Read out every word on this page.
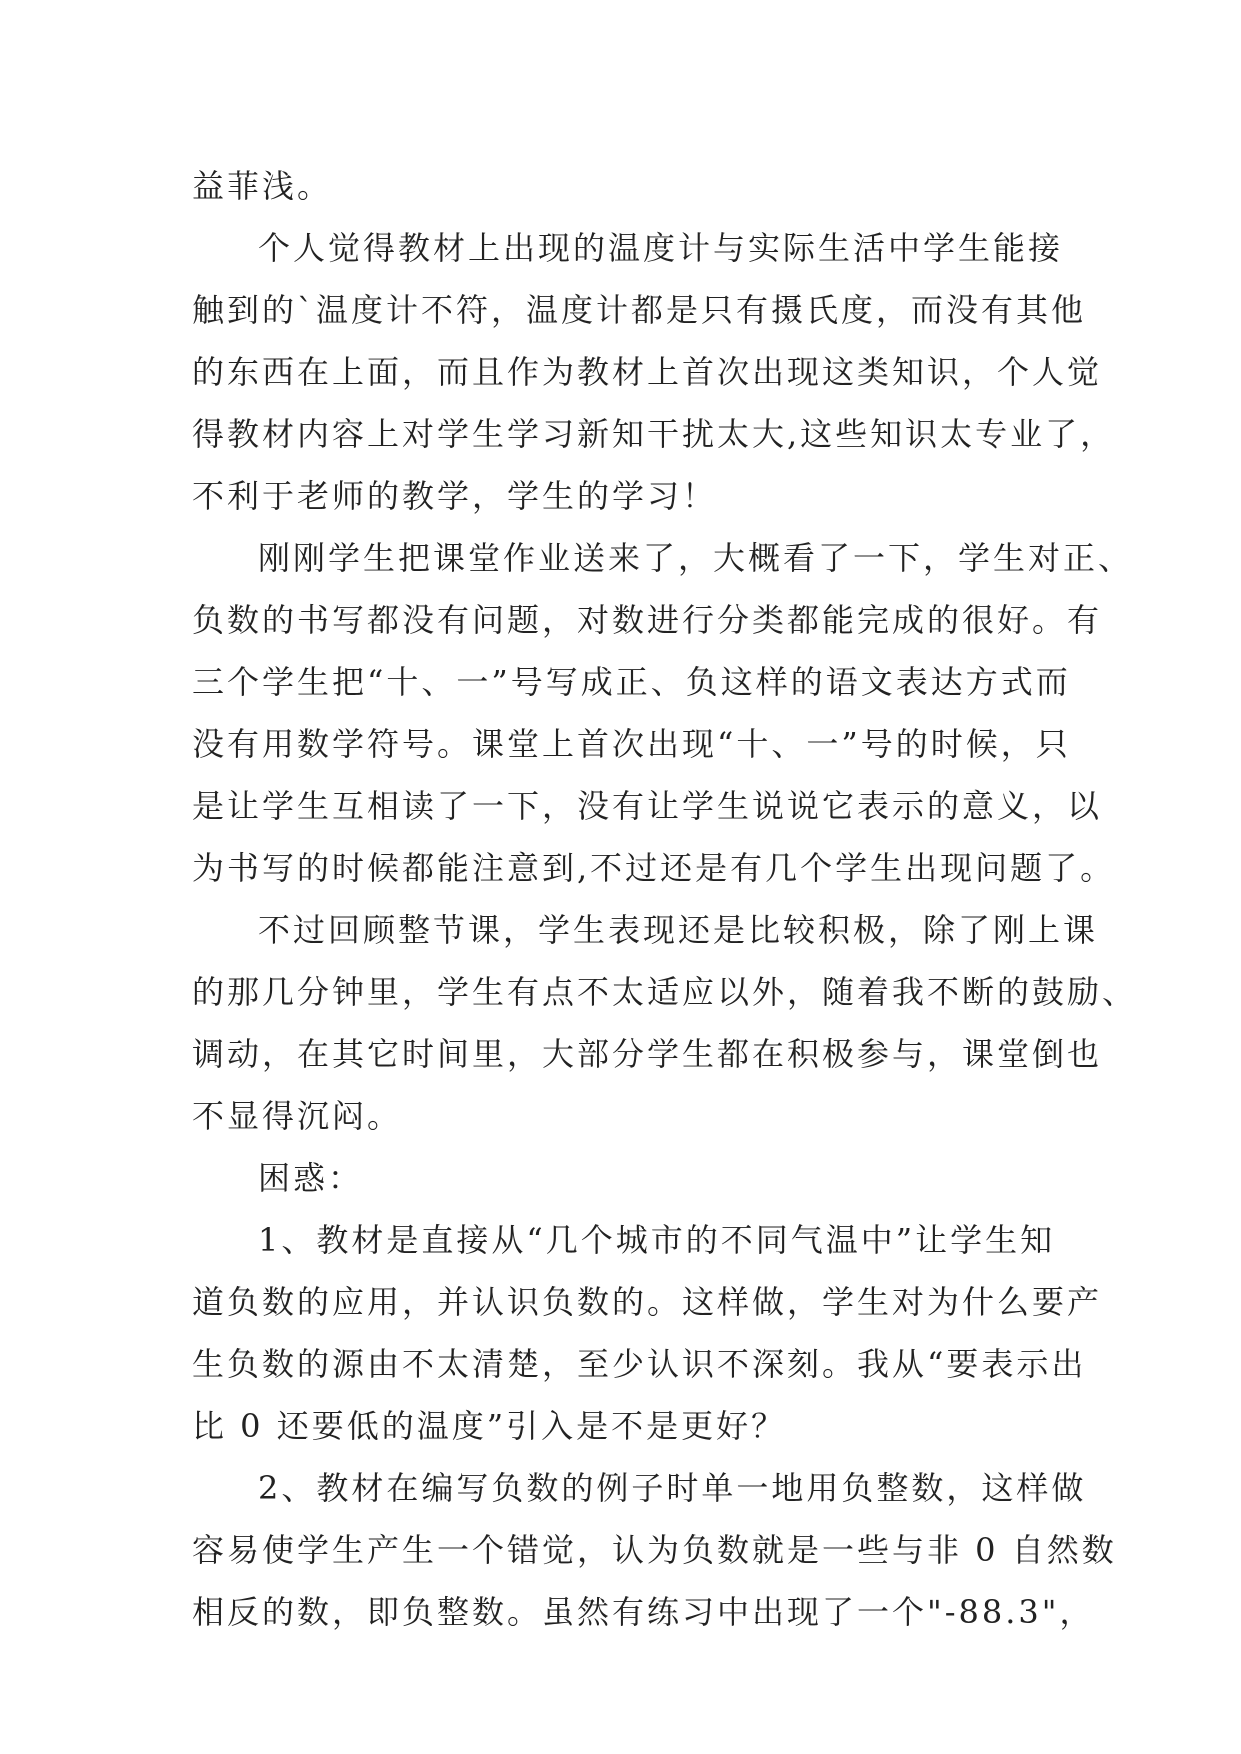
益菲浅。
个人觉得教材上出现的温度计与实际生活中学生能接
触到的`温度计不符，温度计都是只有摄氏度，而没有其他
的东西在上面，而且作为教材上首次出现这类知识，个人觉
得教材内容上对学生学习新知干扰太大,这些知识太专业了，
不利于老师的教学，学生的学习！
刚刚学生把课堂作业送来了，大概看了一下，学生对正、
负数的书写都没有问题，对数进行分类都能完成的很好。有
三个学生把“十、一”号写成正、负这样的语文表达方式而
没有用数学符号。课堂上首次出现“十、一”号的时候，只
是让学生互相读了一下，没有让学生说说它表示的意义，以
为书写的时候都能注意到,不过还是有几个学生出现问题了。
不过回顾整节课，学生表现还是比较积极，除了刚上课
的那几分钟里，学生有点不太适应以外，随着我不断的鼓励、
调动，在其它时间里，大部分学生都在积极参与，课堂倒也
不显得沉闷。
困惑：
1、教材是直接从“几个城市的不同气温中”让学生知
道负数的应用，并认识负数的。这样做，学生对为什么要产
生负数的源由不太清楚，至少认识不深刻。我从“要表示出
比 0 还要低的温度”引入是不是更好？
2、教材在编写负数的例子时单一地用负整数，这样做
容易使学生产生一个错觉，认为负数就是一些与非 0 自然数
相反的数，即负整数。虽然有练习中出现了一个"-88.3"，
